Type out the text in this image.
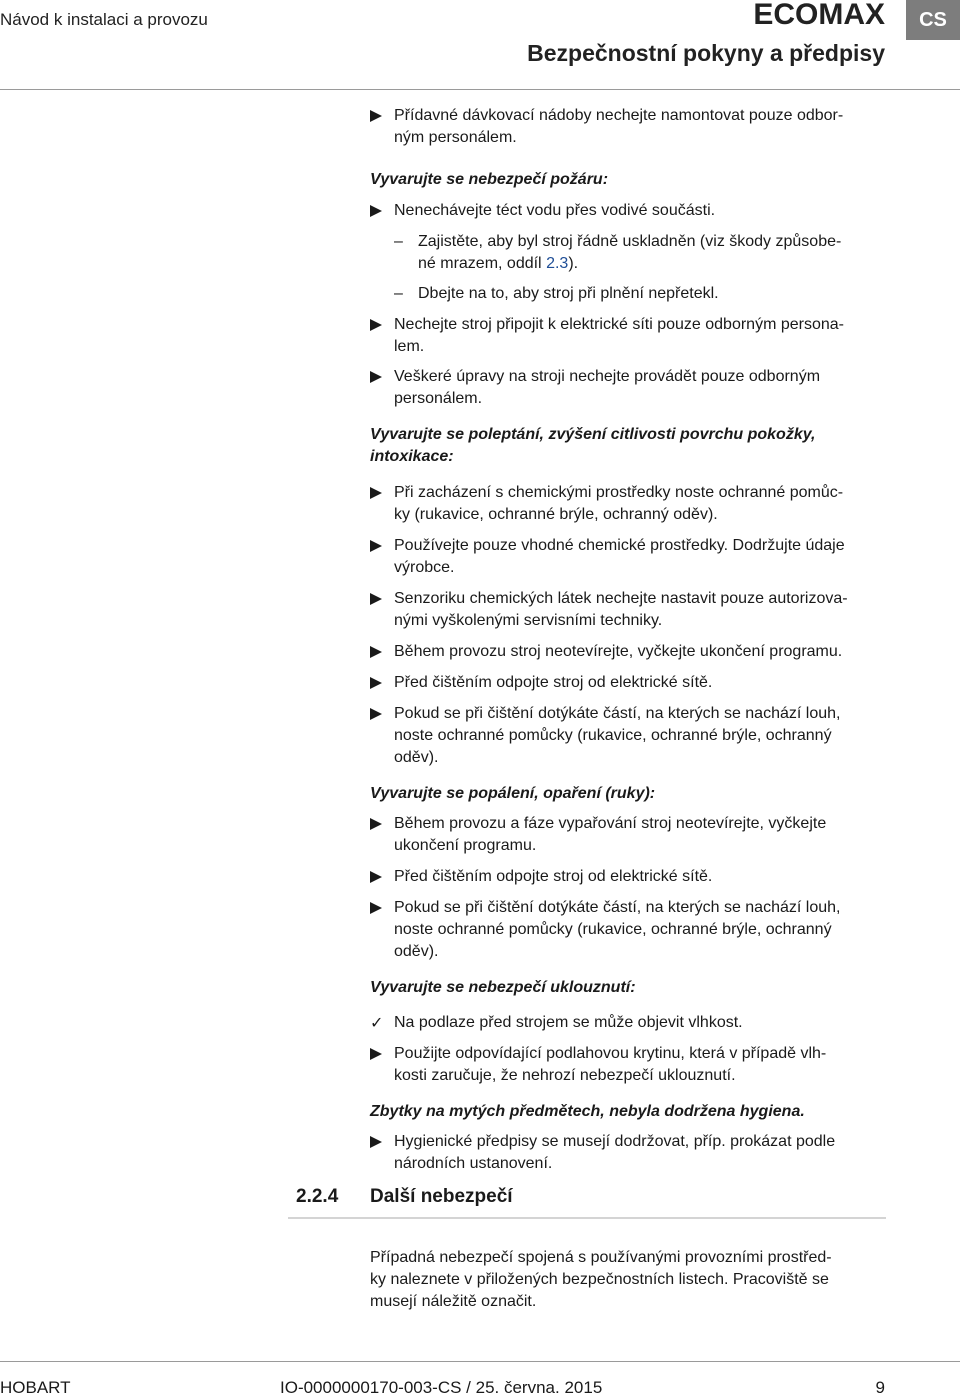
Návod k instalaci a provozu	ECOMAX
Bezpečnostní pokyny a předpisy
CS

Přídavné dávkovací nádoby nechejte namontovat pouze odbor-
ným personálem.

Vyvarujte se nebezpečí požáru:

Nenechávejte téct vodu přes vodivé součásti.

– Zajistěte, aby byl stroj řádně uskladněn (viz škody způsobe-
né mrazem, oddíl 2.3).

– Dbejte na to, aby stroj při plnění nepřetekl.

Nechejte stroj připojit k elektrické síti pouze odborným persona-
lem.

Veškeré úpravy na stroji nechejte provádět pouze odborným
personálem.

Vyvarujte se poleptání, zvýšení citlivosti povrchu pokožky,
intoxikace:

Při zacházení s chemickými prostředky noste ochranné pomůc-
ky (rukavice, ochranné brýle, ochranný oděv).

Používejte pouze vhodné chemické prostředky. Dodržujte údaje
výrobce.

Senzoriku chemických látek nechejte nastavit pouze autorizova-
nými vyškolenými servisními techniky.

Během provozu stroj neotevírejte, vyčkejte ukončení programu.

Před čištěním odpojte stroj od elektrické sítě.

Pokud se při čištění dotýkáte částí, na kterých se nachází louh,
noste ochranné pomůcky (rukavice, ochranné brýle, ochranný
oděv).

Vyvarujte se popálení, opaření (ruky):

Během provozu a fáze vypařování stroj neotevírejte, vyčkejte
ukončení programu.

Před čištěním odpojte stroj od elektrické sítě.

Pokud se při čištění dotýkáte částí, na kterých se nachází louh,
noste ochranné pomůcky (rukavice, ochranné brýle, ochranný
oděv).

Vyvarujte se nebezpečí uklouznutí:

✓ Na podlaze před strojem se může objevit vlhkost.

Použijte odpovídající podlahovou krytinu, která v případě vlh-
kosti zaručuje, že nehrozí nebezpečí uklouznutí.

Zbytky na mytých předmětech, nebyla dodržena hygiena.

Hygienické předpisy se musejí dodržovat, příp. prokázat podle
národních ustanovení.

2.2.4 Další nebezpečí

Případná nebezpečí spojená s používanými provozními prostřed-
ky naleznete v přiložených bezpečnostních listech. Pracoviště se
musejí náležitě označit.

HOBART	IO-0000000170-003-CS / 25. června. 2015	9
